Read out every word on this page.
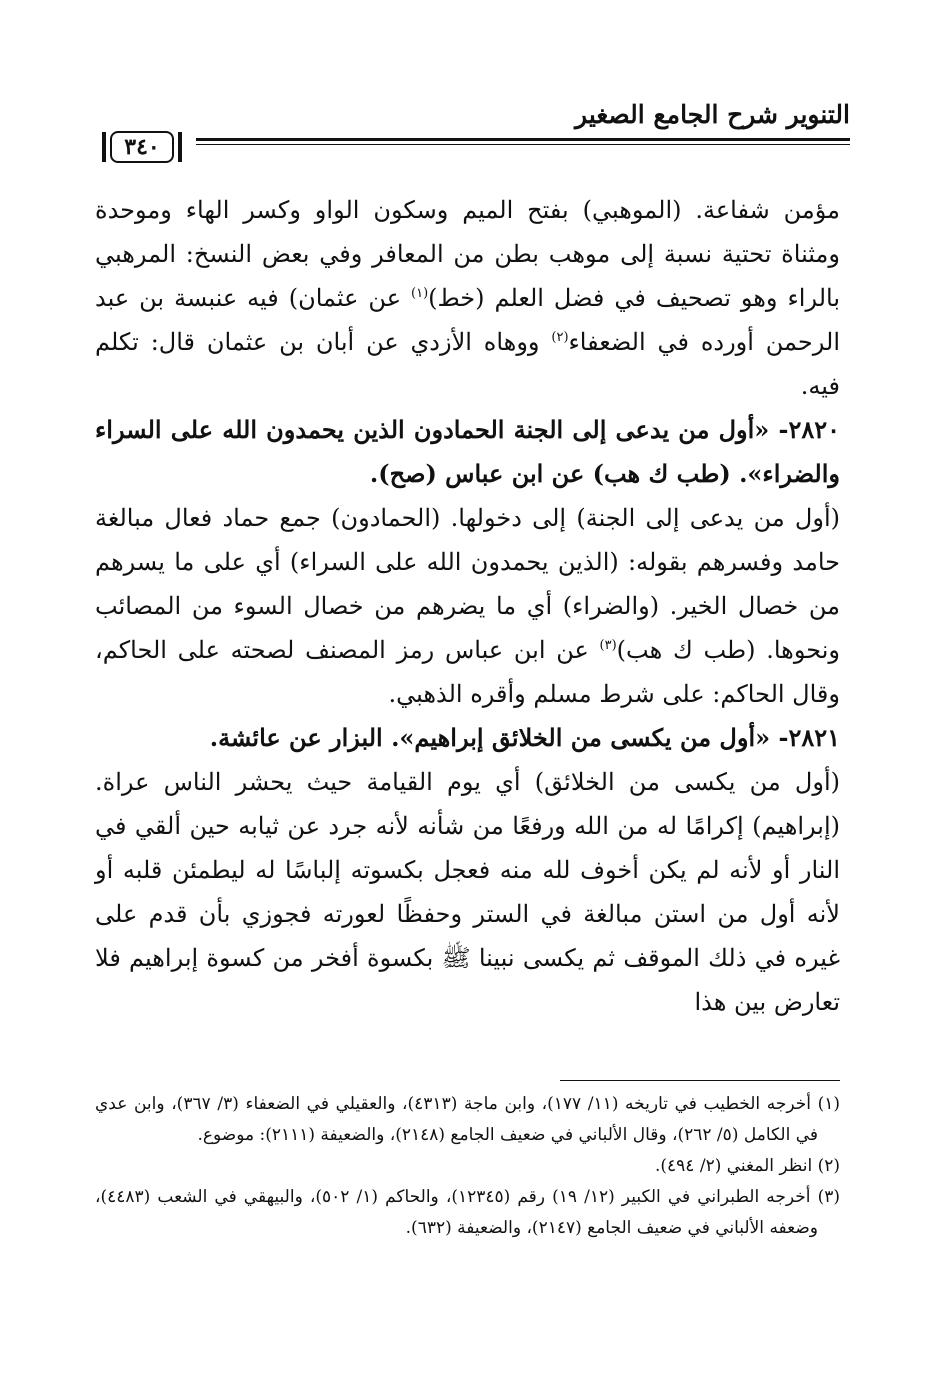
التنوير شرح الجامع الصغير
٣٤٠

مؤمن شفاعة. (الموهبي) بفتح الميم وسكون الواو وكسر الهاء وموحدة ومثناة تحتية نسبة إلى موهب بطن من المعافر وفي بعض النسخ: المرهبي بالراء وهو تصحيف في فضل العلم (خط)$^{(١)}$ عن عثمان) فيه عنبسة بن عبد الرحمن أورده في الضعفاء$^{(٢)}$ ووهاه الأزدي عن أبان بن عثمان قال: تكلم فيه.

٢٨٢٠- «أول من يدعى إلى الجنة الحمادون الذين يحمدون الله على السراء والضراء». (طب ك هب) عن ابن عباس (صح).

(أول من يدعى إلى الجنة) إلى دخولها. (الحمادون) جمع حماد فعال مبالغة حامد وفسرهم بقوله: (الذين يحمدون الله على السراء) أي على ما يسرهم من خصال الخير. (والضراء) أي ما يضرهم من خصال السوء من المصائب ونحوها. (طب ك هب)$^{(٣)}$ عن ابن عباس رمز المصنف لصحته على الحاكم، وقال الحاكم: على شرط مسلم وأقره الذهبي.

٢٨٢١- «أول من يكسى من الخلائق إبراهيم». البزار عن عائشة.

(أول من يكسى من الخلائق) أي يوم القيامة حيث يحشر الناس عراة. (إبراهيم) إكرامًا له من الله ورفعًا من شأنه لأنه جرد عن ثيابه حين ألقي في النار أو لأنه لم يكن أخوف لله منه فعجل بكسوته إلباسًا له ليطمئن قلبه أو لأنه أول من استن مبالغة في الستر وحفظًا لعورته فجوزي بأن قدم على غيره في ذلك الموقف ثم يكسى نبينا ﷺ بكسوة أفخر من كسوة إبراهيم فلا تعارض بين هذا

(١) أخرجه الخطيب في تاريخه (١١/ ١٧٧)، وابن ماجة (٤٣١٣)، والعقيلي في الضعفاء (٣/ ٣٦٧)، وابن عدي في الكامل (٥/ ٢٦٢)، وقال الألباني في ضعيف الجامع (٢١٤٨)، والضعيفة (٢١١١): موضوع.

(٢) انظر المغني (٢/ ٤٩٤).

(٣) أخرجه الطبراني في الكبير (١٢/ ١٩) رقم (١٢٣٤٥)، والحاكم (١/ ٥٠٢)، والبيهقي في الشعب (٤٤٨٣)، وضعفه الألباني في ضعيف الجامع (٢١٤٧)، والضعيفة (٦٣٢).
